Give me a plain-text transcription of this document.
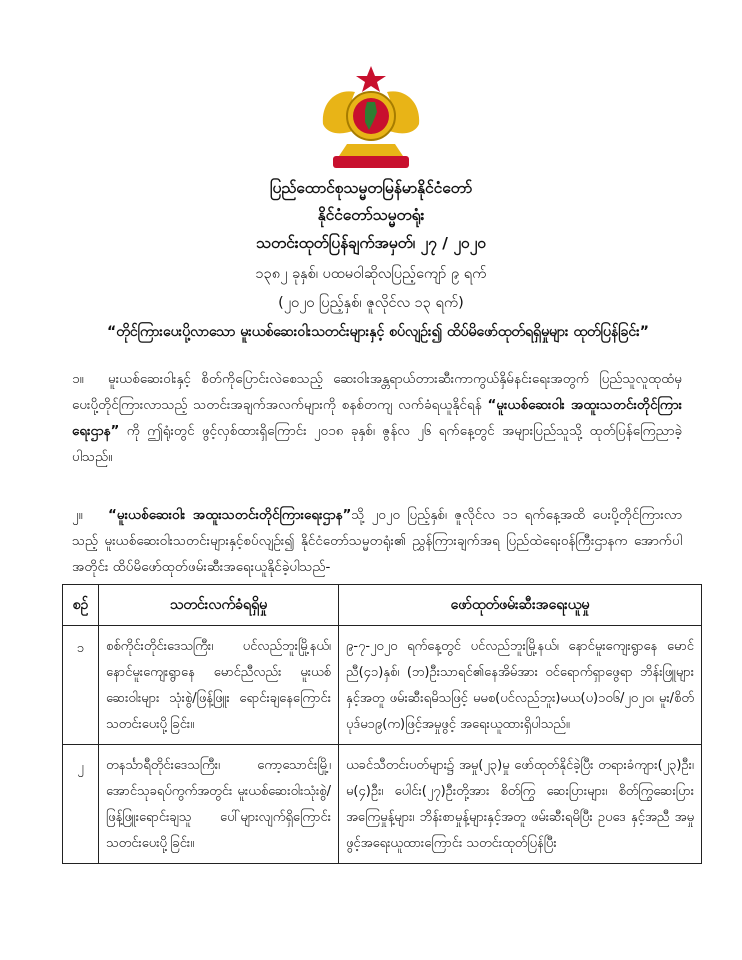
ပြည်ထောင်စုသမ္မတမြန်မာနိုင်ငံတော်
နိုင်ငံတော်သမ္မတရုံး
သတင်းထုတ်ပြန်ချက်အမှတ်၊ ၂၇ / ၂၀၂၀
၁၃၈၂ ခုနှစ်၊ ပထမဝါဆိုလပြည့်ကျော် ၉ ရက်
(၂၀၂၀ ပြည့်နှစ်၊ ဇူလိုင်လ ၁၃ ရက်)
“တိုင်ကြားပေးပို့လာသော မူးယစ်ဆေးဝါးသတင်းများနှင့် စပ်လျဉ်း၍ ထိပ်မိဖော်ထုတ်ရရှိမှုများ ထုတ်ပြန်ခြင်း”
၁။ မူးယစ်ဆေးဝါးနှင့် စိတ်ကိုပြောင်းလဲစေသည့် ဆေးဝါးအန္တရာယ်တားဆီးကာကွယ်နှိမ်နင်းရေးအတွက် ပြည်သူလူထုထံမှ ပေးပို့တိုင်ကြားလာသည့် သတင်းအချက်အလက်များကို စနစ်တကျ လက်ခံရယူနိုင်ရန် “မူးယစ်ဆေးဝါး အထူးသတင်းတိုင်ကြားရေးဌာန” ကို ဤရုံးတွင် ဖွင့်လှစ်ထားရှိကြောင်း ၂၀၁၈ ခုနှစ်၊ ဇွန်လ ၂၆ ရက်နေ့တွင် အများပြည်သူသို့ ထုတ်ပြန်ကြေညာခဲ့ပါသည်။
၂။ “မူးယစ်ဆေးဝါး အထူးသတင်းတိုင်ကြားရေးဌာန”သို့ ၂၀၂၀ ပြည့်နှစ်၊ ဇူလိုင်လ ၁၁ ရက်နေ့အထိ ပေးပို့တိုင်ကြားလာသည့် မူးယစ်ဆေးဝါးသတင်းများနှင့်စပ်လျဉ်း၍ နိုင်ငံတော်သမ္မတရုံး၏ ညွှန်ကြားချက်အရ ပြည်ထဲရေးဝန်ကြီးဌာနက အောက်ပါအတိုင်း ထိပ်မိဖော်ထုတ်ဖမ်းဆီးအရေးယူနိုင်ခဲ့ပါသည်-
စဉ်	သတင်းလက်ခံရရှိမှု	ဖော်ထုတ်ဖမ်းဆီးအရေးယူမှု
၁	စစ်ကိုင်းတိုင်းဒေသကြီး၊ ပင်လည်ဘူးမြို့နယ်၊ နောင်မူးကျေးရွာနေ မောင်ညီလည်း မူးယစ်ဆေးဝါးများ သုံးစွဲ/ဖြန့်ဖြူး ရောင်းချနေကြောင်း သတင်းပေးပို့ခြင်း။	၉-၇-၂၀၂၀ ရက်နေ့တွင် ပင်လည်ဘူးမြို့နယ်၊ နောင်မူးကျေးရွာနေ မောင်ညီ(၄၁)နှစ်၊ (ဘ)ဦးသာရင်၏နေအိမ်အား ဝင်ရောက်ရှာဖွေရာ ဘိန်းဖြူများနှင့်အတူ ဖမ်းဆီးရမိသဖြင့် မမစ(ပင်လည်ဘူး)မယ(ပ)၁၀၆/၂၀၂၀၊ မူး/စိတ်ပုဒ်မ၁၉(က)ဖြင့်အမှုဖွင့် အရေးယူထားရှိပါသည်။
၂	တနင်္သာရီတိုင်းဒေသကြီး၊ ကော့သောင်းမြို့၊ အောင်သုခရပ်ကွက်အတွင်း မူးယစ်ဆေးဝါးသုံးစွဲ/ ဖြန့်ဖြူးရောင်းချသူ ပေါ်များလျက်ရှိကြောင်း သတင်းပေးပို့ခြင်း။	ယခင်သီတင်းပတ်များ၌ အမှု(၂၃)မှု ဖော်ထုတ်နိုင်ခဲ့ပြီး တရားခံကျား(၂၃)ဦး၊ မ(၄)ဦး၊ ပေါင်း(၂၇)ဦးတို့အား စိတ်ကြွ ဆေးပြားများ၊ စိတ်ကြွဆေးပြားအကြေမှုန့်များ၊ ဘိန်းစာမှုန့်များနှင့်အတူ ဖမ်းဆီးရမိပြီး ဥပဒေ နှင့်အညီ အမှုဖွင့်အရေးယူထားကြောင်း သတင်းထုတ်ပြန်ပြီး
